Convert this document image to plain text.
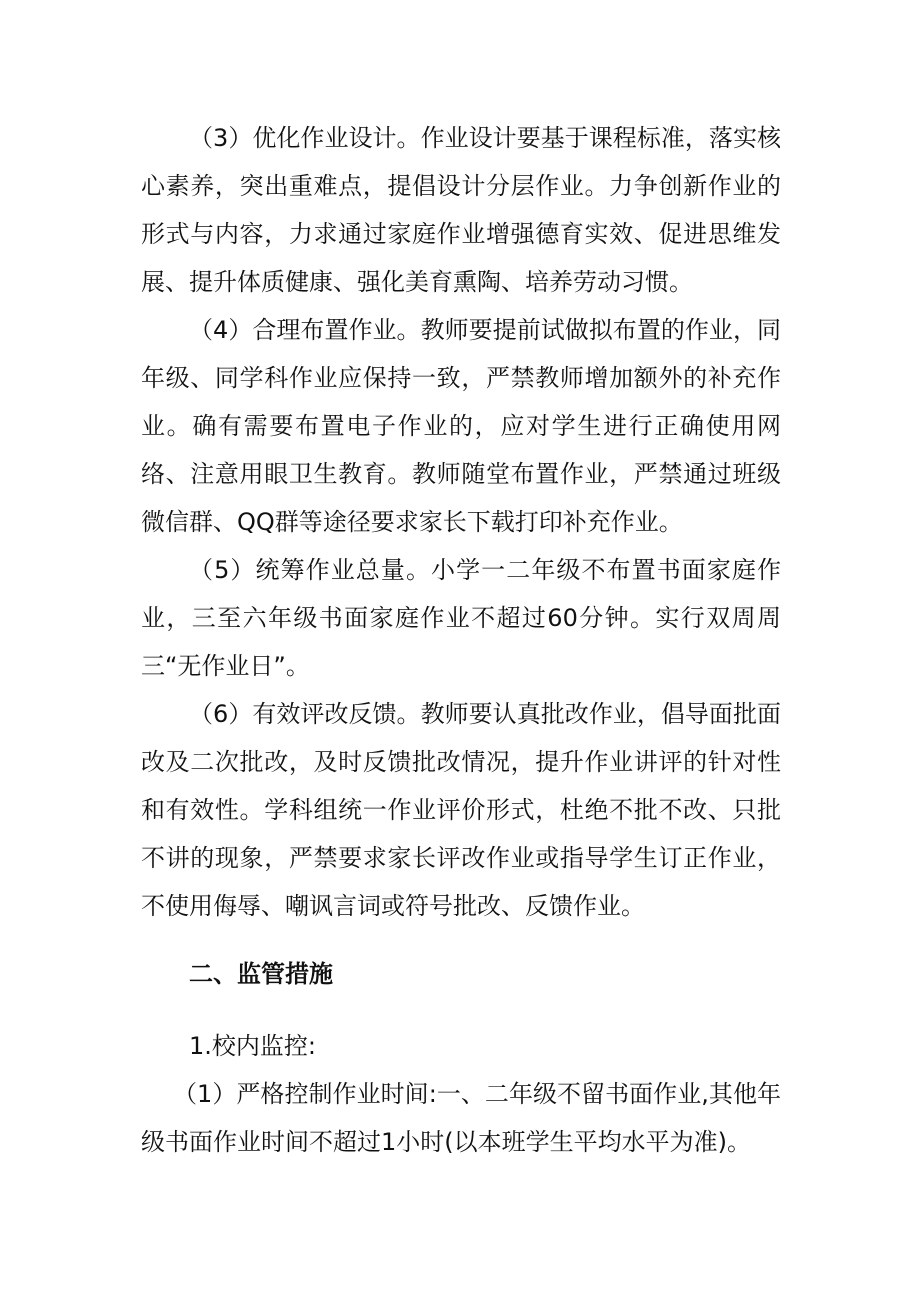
（3）优化作业设计。作业设计要基于课程标准，落实核心素养，突出重难点，提倡设计分层作业。力争创新作业的形式与内容，力求通过家庭作业增强德育实效、促进思维发展、提升体质健康、强化美育熏陶、培养劳动习惯。

（4）合理布置作业。教师要提前试做拟布置的作业，同年级、同学科作业应保持一致，严禁教师增加额外的补充作业。确有需要布置电子作业的，应对学生进行正确使用网络、注意用眼卫生教育。教师随堂布置作业，严禁通过班级微信群、QQ群等途径要求家长下载打印补充作业。

（5）统筹作业总量。小学一二年级不布置书面家庭作业，三至六年级书面家庭作业不超过60分钟。实行双周周三“无作业日”。

（6）有效评改反馈。教师要认真批改作业，倡导面批面改及二次批改，及时反馈批改情况，提升作业讲评的针对性和有效性。学科组统一作业评价形式，杜绝不批不改、只批不讲的现象，严禁要求家长评改作业或指导学生订正作业，不使用侮辱、嘲讽言词或符号批改、反馈作业。

二、监管措施

1.校内监控:

（1）严格控制作业时间:一、二年级不留书面作业,其他年级书面作业时间不超过1小时(以本班学生平均水平为准)。
